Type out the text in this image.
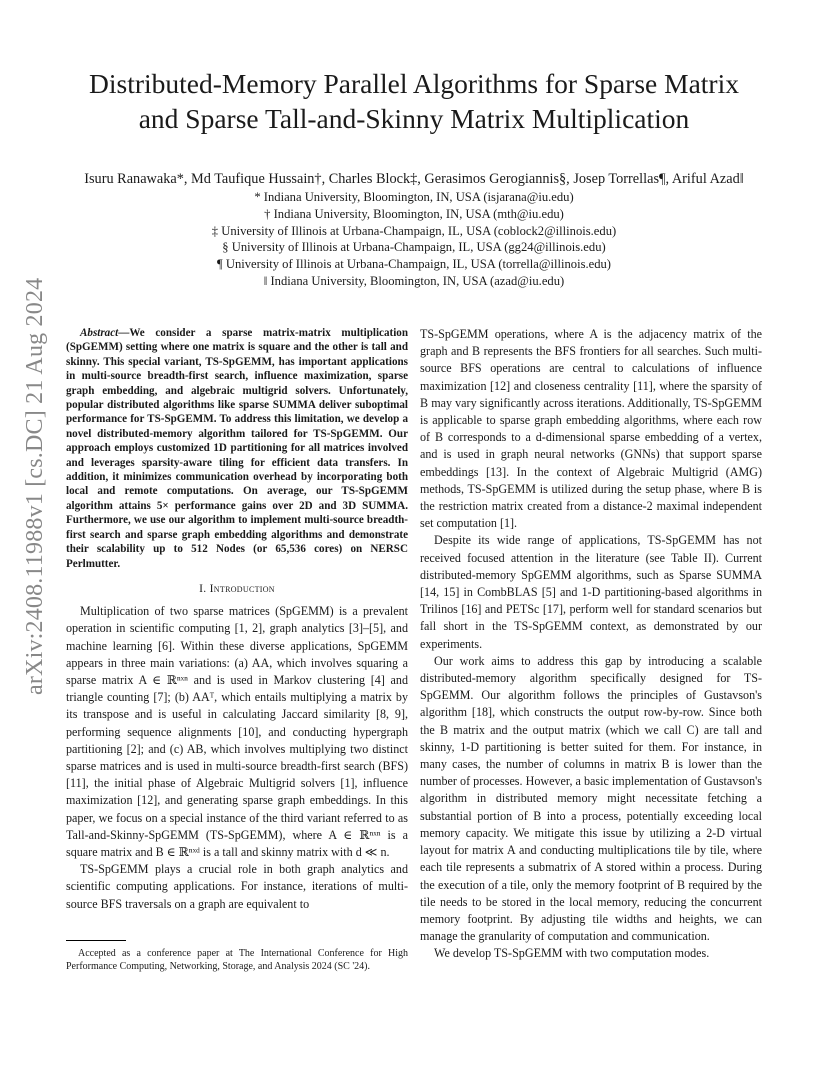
arXiv:2408.11988v1 [cs.DC] 21 Aug 2024
Distributed-Memory Parallel Algorithms for Sparse Matrix
and Sparse Tall-and-Skinny Matrix Multiplication
Isuru Ranawaka*, Md Taufique Hussain†, Charles Block‡, Gerasimos Gerogiannis§, Josep Torrellas¶, Ariful Azad‖
* Indiana University, Bloomington, IN, USA (isjarana@iu.edu)
† Indiana University, Bloomington, IN, USA (mth@iu.edu)
‡ University of Illinois at Urbana-Champaign, IL, USA (coblock2@illinois.edu)
§ University of Illinois at Urbana-Champaign, IL, USA (gg24@illinois.edu)
¶ University of Illinois at Urbana-Champaign, IL, USA (torrella@illinois.edu)
‖ Indiana University, Bloomington, IN, USA (azad@iu.edu)

Abstract—We consider a sparse matrix-matrix multiplication (SpGEMM) setting where one matrix is square and the other is tall and skinny. This special variant, TS-SpGEMM, has important applications in multi-source breadth-first search, influence maximization, sparse graph embedding, and algebraic multigrid solvers. Unfortunately, popular distributed algorithms like sparse SUMMA deliver suboptimal performance for TS-SpGEMM. To address this limitation, we develop a novel distributed-memory algorithm tailored for TS-SpGEMM. Our approach employs customized 1D partitioning for all matrices involved and leverages sparsity-aware tiling for efficient data transfers. In addition, it minimizes communication overhead by incorporating both local and remote computations. On average, our TS-SpGEMM algorithm attains 5× performance gains over 2D and 3D SUMMA. Furthermore, we use our algorithm to implement multi-source breadth-first search and sparse graph embedding algorithms and demonstrate their scalability up to 512 Nodes (or 65,536 cores) on NERSC Perlmutter.

I. Introduction

Multiplication of two sparse matrices (SpGEMM) is a prevalent operation in scientific computing [1, 2], graph analytics [3]–[5], and machine learning [6]. Within these diverse applications, SpGEMM appears in three main variations: (a) AA, which involves squaring a sparse matrix A ∈ ℝⁿˣⁿ and is used in Markov clustering [4] and triangle counting [7]; (b) AAᵀ, which entails multiplying a matrix by its transpose and is useful in calculating Jaccard similarity [8, 9], performing sequence alignments [10], and conducting hypergraph partitioning [2]; and (c) AB, which involves multiplying two distinct sparse matrices and is used in multi-source breadth-first search (BFS) [11], the initial phase of Algebraic Multigrid solvers [1], influence maximization [12], and generating sparse graph embeddings. In this paper, we focus on a special instance of the third variant referred to as Tall-and-Skinny-SpGEMM (TS-SpGEMM), where A ∈ ℝⁿˣⁿ is a square matrix and B ∈ ℝⁿˣᵈ is a tall and skinny matrix with d ≪ n.

TS-SpGEMM plays a crucial role in both graph analytics and scientific computing applications. For instance, iterations of multi-source BFS traversals on a graph are equivalent to

TS-SpGEMM operations, where A is the adjacency matrix of the graph and B represents the BFS frontiers for all searches. Such multi-source BFS operations are central to calculations of influence maximization [12] and closeness centrality [11], where the sparsity of B may vary significantly across iterations. Additionally, TS-SpGEMM is applicable to sparse graph embedding algorithms, where each row of B corresponds to a d-dimensional sparse embedding of a vertex, and is used in graph neural networks (GNNs) that support sparse embeddings [13]. In the context of Algebraic Multigrid (AMG) methods, TS-SpGEMM is utilized during the setup phase, where B is the restriction matrix created from a distance-2 maximal independent set computation [1].

Despite its wide range of applications, TS-SpGEMM has not received focused attention in the literature (see Table II). Current distributed-memory SpGEMM algorithms, such as Sparse SUMMA [14, 15] in CombBLAS [5] and 1-D partitioning-based algorithms in Trilinos [16] and PETSc [17], perform well for standard scenarios but fall short in the TS-SpGEMM context, as demonstrated by our experiments.

Our work aims to address this gap by introducing a scalable distributed-memory algorithm specifically designed for TS-SpGEMM. Our algorithm follows the principles of Gustavson's algorithm [18], which constructs the output row-by-row. Since both the B matrix and the output matrix (which we call C) are tall and skinny, 1-D partitioning is better suited for them. For instance, in many cases, the number of columns in matrix B is lower than the number of processes. However, a basic implementation of Gustavson's algorithm in distributed memory might necessitate fetching a substantial portion of B into a process, potentially exceeding local memory capacity. We mitigate this issue by utilizing a 2-D virtual layout for matrix A and conducting multiplications tile by tile, where each tile represents a submatrix of A stored within a process. During the execution of a tile, only the memory footprint of B required by the tile needs to be stored in the local memory, reducing the concurrent memory footprint. By adjusting tile widths and heights, we can manage the granularity of computation and communication.

We develop TS-SpGEMM with two computation modes.

Accepted as a conference paper at The International Conference for High Performance Computing, Networking, Storage, and Analysis 2024 (SC '24).
